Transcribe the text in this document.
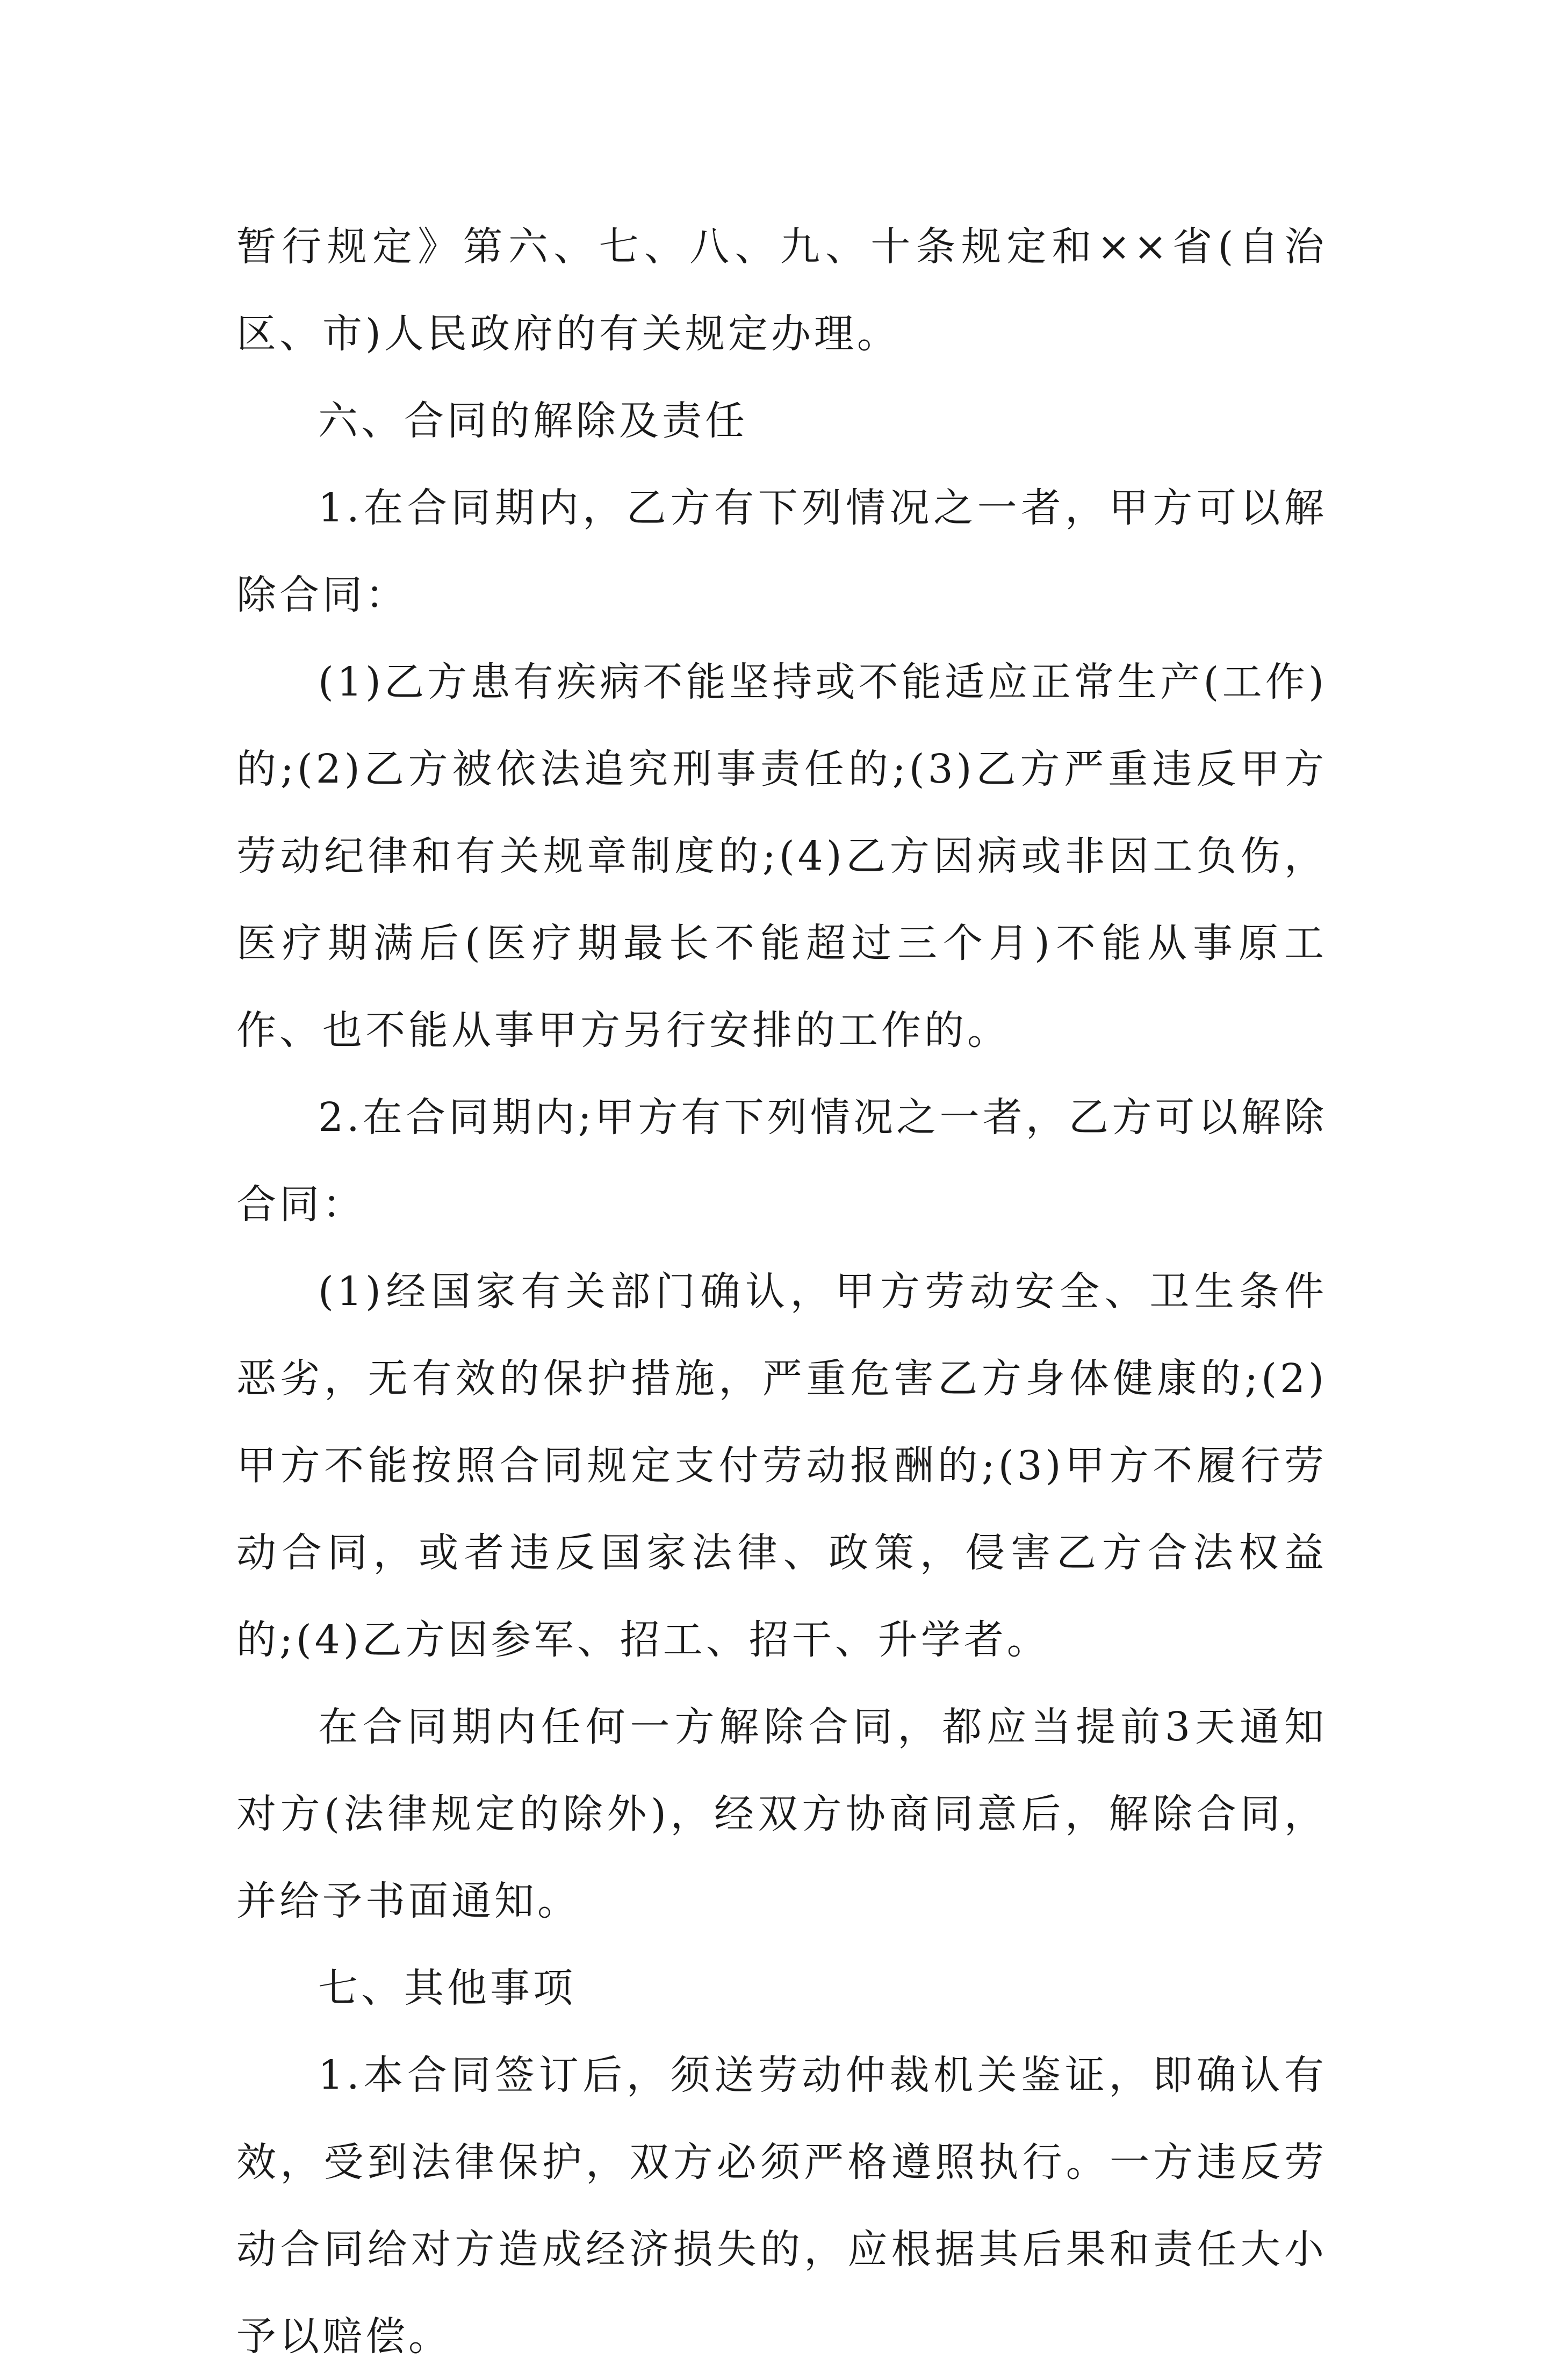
暂行规定》第六、七、八、九、十条规定和××省(自治区、市)人民政府的有关规定办理。

六、合同的解除及责任

1.在合同期内，乙方有下列情况之一者，甲方可以解除合同：

(1)乙方患有疾病不能坚持或不能适应正常生产(工作)的;(2)乙方被依法追究刑事责任的;(3)乙方严重违反甲方劳动纪律和有关规章制度的;(4)乙方因病或非因工负伤，医疗期满后(医疗期最长不能超过三个月)不能从事原工作、也不能从事甲方另行安排的工作的。

2.在合同期内;甲方有下列情况之一者，乙方可以解除合同：

(1)经国家有关部门确认，甲方劳动安全、卫生条件恶劣，无有效的保护措施，严重危害乙方身体健康的;(2)甲方不能按照合同规定支付劳动报酬的;(3)甲方不履行劳动合同，或者违反国家法律、政策，侵害乙方合法权益的;(4)乙方因参军、招工、招干、升学者。

在合同期内任何一方解除合同，都应当提前3天通知对方(法律规定的除外)，经双方协商同意后，解除合同，并给予书面通知。

七、其他事项

1.本合同签订后，须送劳动仲裁机关鉴证，即确认有效，受到法律保护，双方必须严格遵照执行。一方违反劳动合同给对方造成经济损失的，应根据其后果和责任大小予以赔偿。
